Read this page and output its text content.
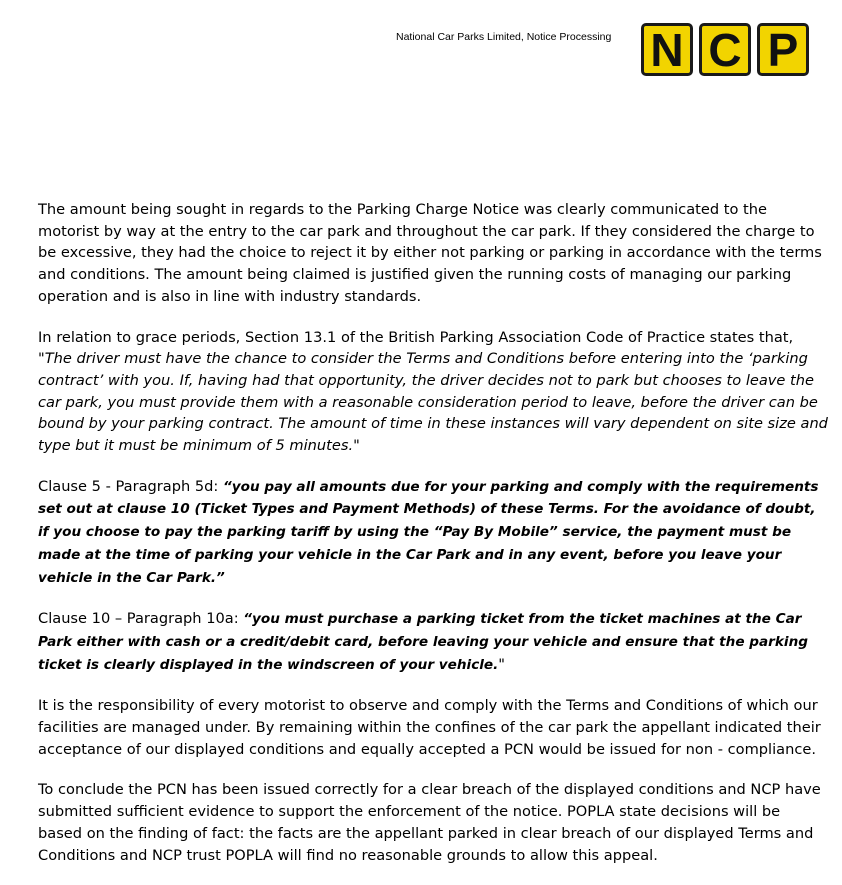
National Car Parks Limited, Notice Processing N C P

The amount being sought in regards to the Parking Charge Notice was clearly communicated to the motorist by way at the entry to the car park and throughout the car park. If they considered the charge to be excessive, they had the choice to reject it by either not parking or parking in accordance with the terms and conditions. The amount being claimed is justified given the running costs of managing our parking operation and is also in line with industry standards.

In relation to grace periods, Section 13.1 of the British Parking Association Code of Practice states that, "The driver must have the chance to consider the Terms and Conditions before entering into the ‘parking contract’ with you. If, having had that opportunity, the driver decides not to park but chooses to leave the car park, you must provide them with a reasonable consideration period to leave, before the driver can be bound by your parking contract. The amount of time in these instances will vary dependent on site size and type but it must be minimum of 5 minutes."

Clause 5 - Paragraph 5d: “you pay all amounts due for your parking and comply with the requirements set out at clause 10 (Ticket Types and Payment Methods) of these Terms. For the avoidance of doubt, if you choose to pay the parking tariff by using the “Pay By Mobile” service, the payment must be made at the time of parking your vehicle in the Car Park and in any event, before you leave your vehicle in the Car Park.”

Clause 10 – Paragraph 10a: “you must purchase a parking ticket from the ticket machines at the Car Park either with cash or a credit/debit card, before leaving your vehicle and ensure that the parking ticket is clearly displayed in the windscreen of your vehicle."

It is the responsibility of every motorist to observe and comply with the Terms and Conditions of which our facilities are managed under. By remaining within the confines of the car park the appellant indicated their acceptance of our displayed conditions and equally accepted a PCN would be issued for non - compliance.

To conclude the PCN has been issued correctly for a clear breach of the displayed conditions and NCP have submitted sufficient evidence to support the enforcement of the notice. POPLA state decisions will be based on the finding of fact: the facts are the appellant parked in clear breach of our displayed Terms and Conditions and NCP trust POPLA will find no reasonable grounds to allow this appeal.
